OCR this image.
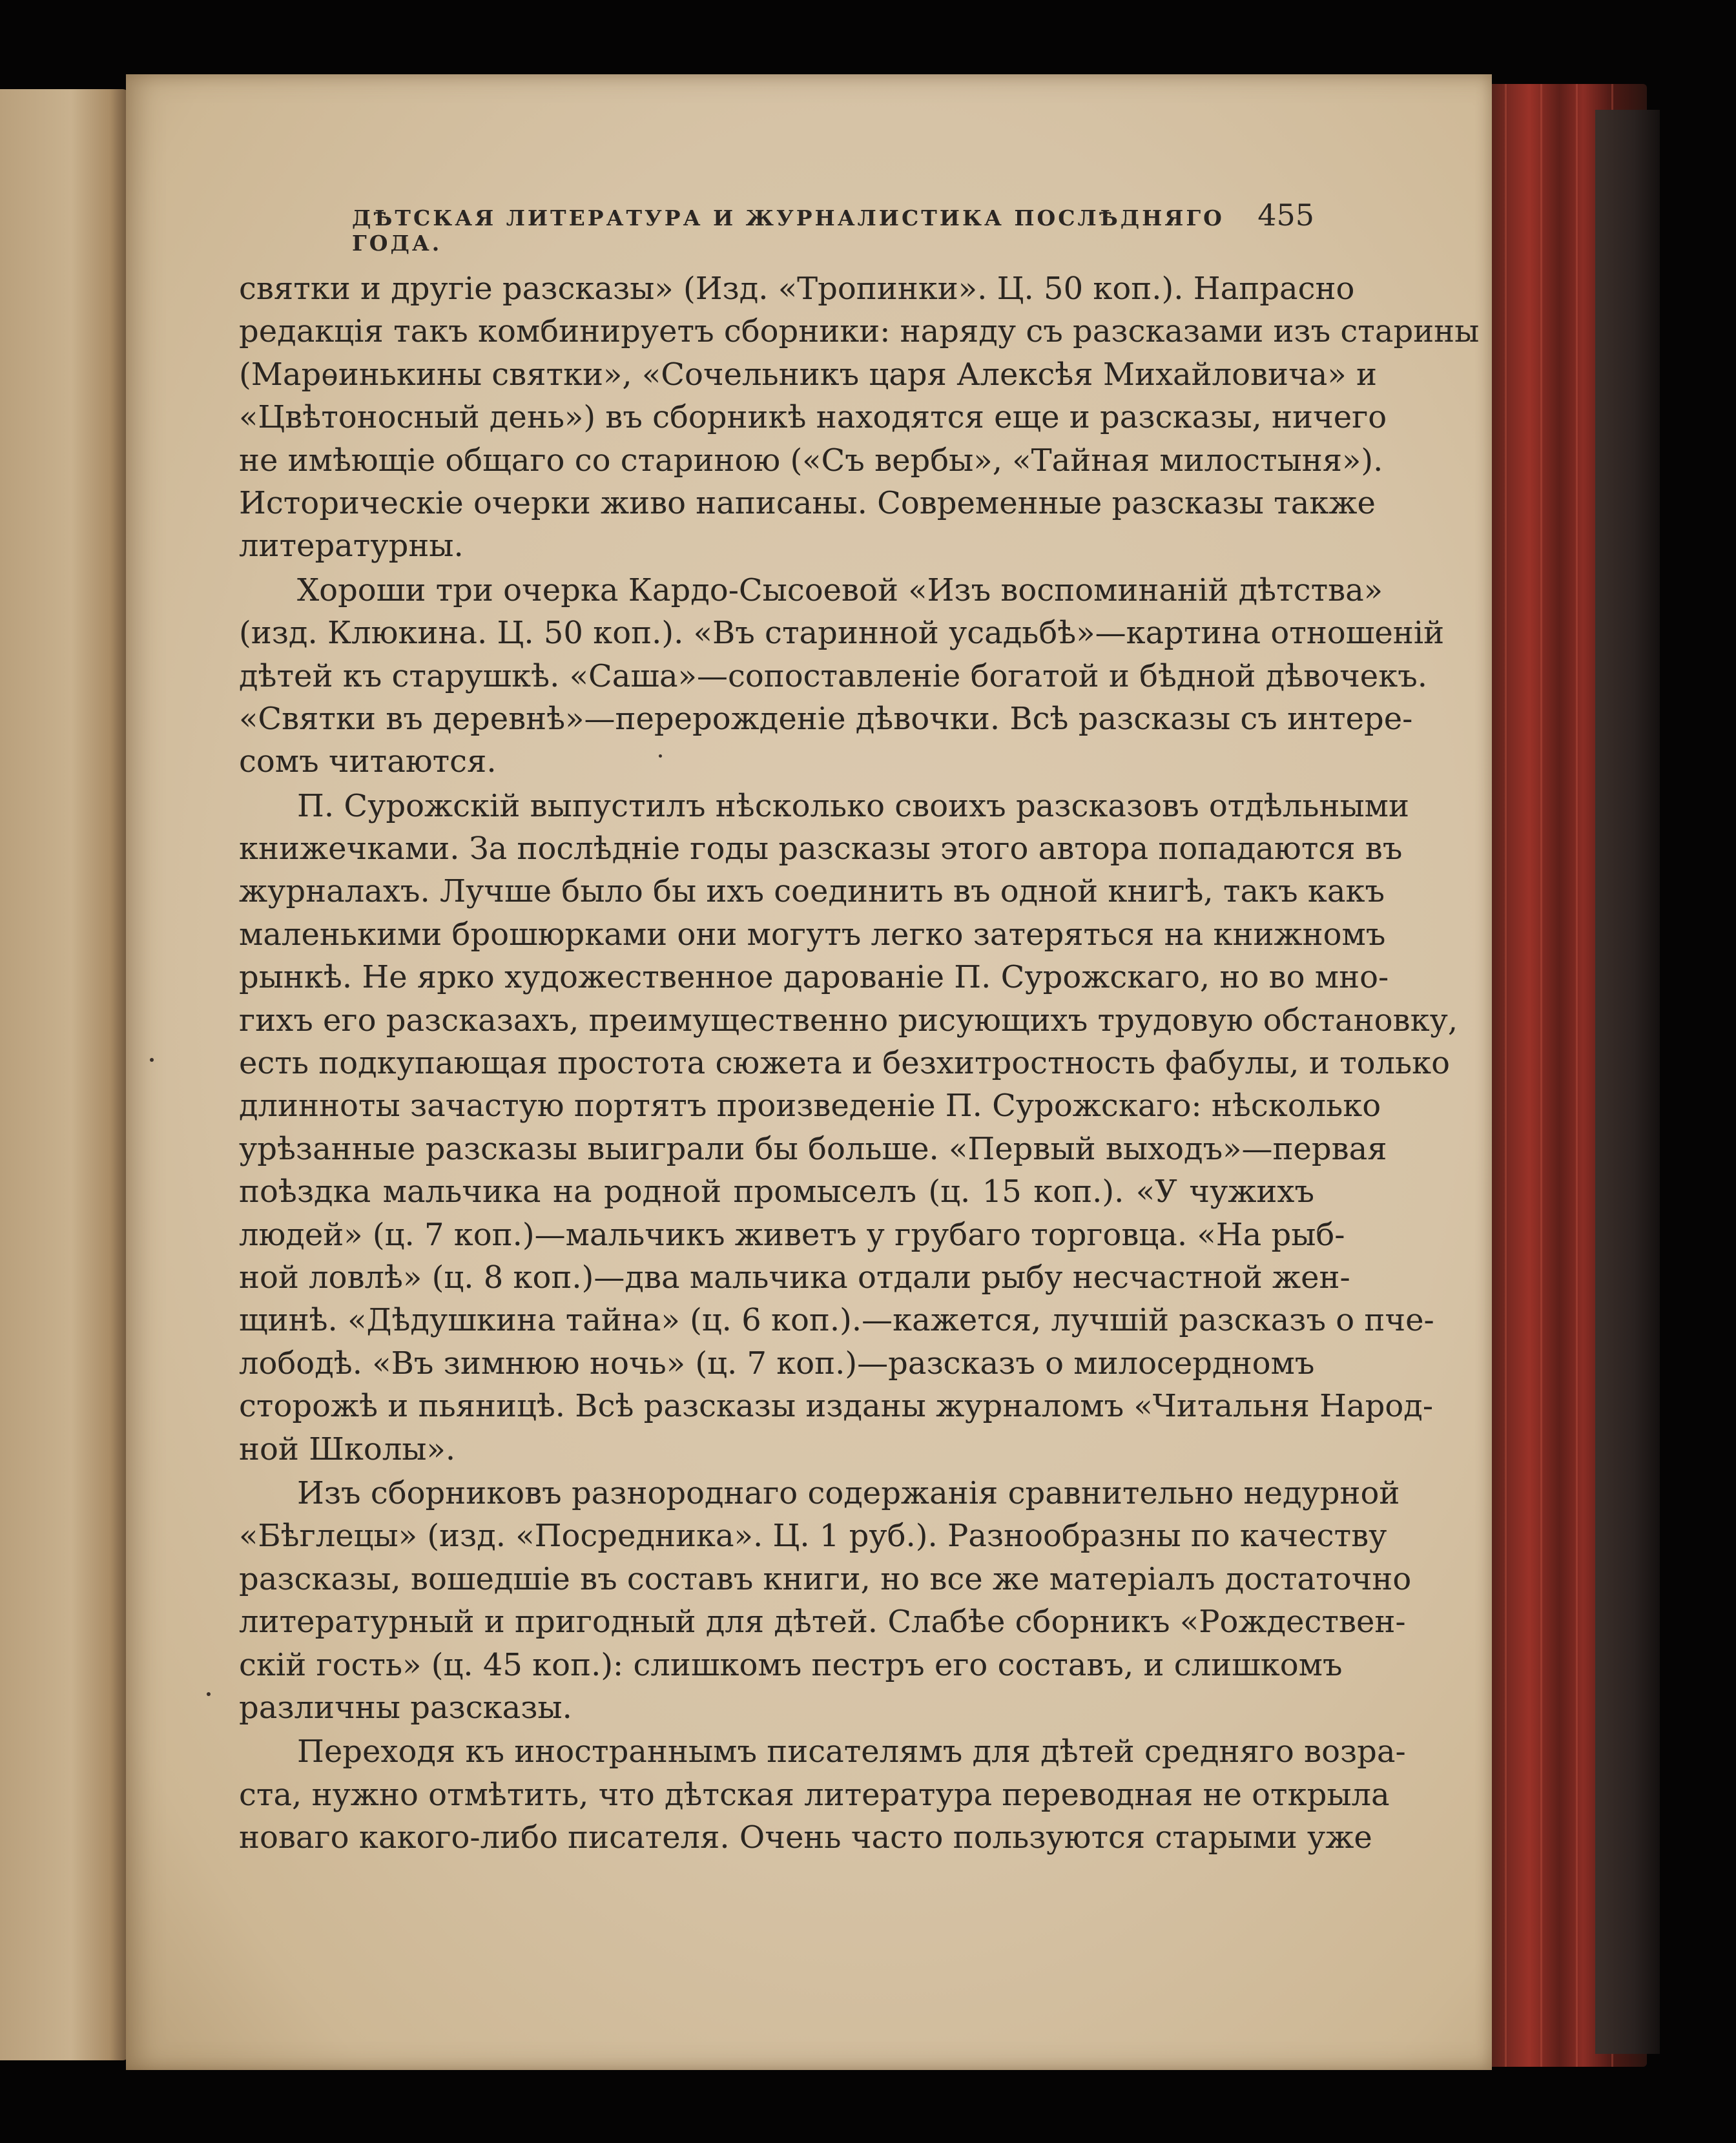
ДѢТСКАЯ ЛИТЕРАТУРА И ЖУРНАЛИСТИКА ПОСЛѢДНЯГО ГОДА.
455
святки и другіе разсказы» (Изд. «Тропинки». Ц. 50 коп.). Напрасно
редакція такъ комбинируетъ сборники: наряду съ разсказами изъ старины
(Марѳинькины святки», «Сочельникъ царя Алексѣя Михайловича» и
«Цвѣтоносный день») въ сборникѣ находятся еще и разсказы, ничего
не имѣющіе общаго со стариною («Съ вербы», «Тайная милостыня»).
Историческіе очерки живо написаны. Современные разсказы также
литературны.
Хороши три очерка Кардо-Сысоевой «Изъ воспоминаній дѣтства»
(изд. Клюкина. Ц. 50 коп.). «Въ старинной усадьбѣ»—картина отношеній
дѣтей къ старушкѣ. «Саша»—сопоставленіе богатой и бѣдной дѣвочекъ.
«Святки въ деревнѣ»—перерожденіе дѣвочки. Всѣ разсказы съ интере-
сомъ читаются.
П. Сурожскій выпустилъ нѣсколько своихъ разсказовъ отдѣльными
книжечками. За послѣдніе годы разсказы этого автора попадаются въ
журналахъ. Лучше было бы ихъ соединить въ одной книгѣ, такъ какъ
маленькими брошюрками они могутъ легко затеряться на книжномъ
рынкѣ. Не ярко художественное дарованіе П. Сурожскаго, но во мно-
гихъ его разсказахъ, преимущественно рисующихъ трудовую обстановку,
есть подкупающая простота сюжета и безхитростность фабулы, и только
длинноты зачастую портятъ произведеніе П. Сурожскаго: нѣсколько
урѣзанные разсказы выиграли бы больше. «Первый выходъ»—первая
поѣздка мальчика на родной промыселъ (ц. 15 коп.). «У чужихъ
людей» (ц. 7 коп.)—мальчикъ живетъ у грубаго торговца. «На рыб-
ной ловлѣ» (ц. 8 коп.)—два мальчика отдали рыбу несчастной жен-
щинѣ. «Дѣдушкина тайна» (ц. 6 коп.).—кажется, лучшій разсказъ о пче-
лободѣ. «Въ зимнюю ночь» (ц. 7 коп.)—разсказъ о милосердномъ
сторожѣ и пьяницѣ. Всѣ разсказы изданы журналомъ «Читальня Народ-
ной Школы».
Изъ сборниковъ разнороднаго содержанія сравнительно недурной
«Бѣглецы» (изд. «Посредника». Ц. 1 руб.). Разнообразны по качеству
разсказы, вошедшіе въ составъ книги, но все же матеріалъ достаточно
литературный и пригодный для дѣтей. Слабѣе сборникъ «Рождествен-
скій гость» (ц. 45 коп.): слишкомъ пестръ его составъ, и слишкомъ
различны разсказы.
Переходя къ иностраннымъ писателямъ для дѣтей средняго возра-
ста, нужно отмѣтить, что дѣтская литература переводная не открыла
новаго какого-либо писателя. Очень часто пользуются старыми уже
